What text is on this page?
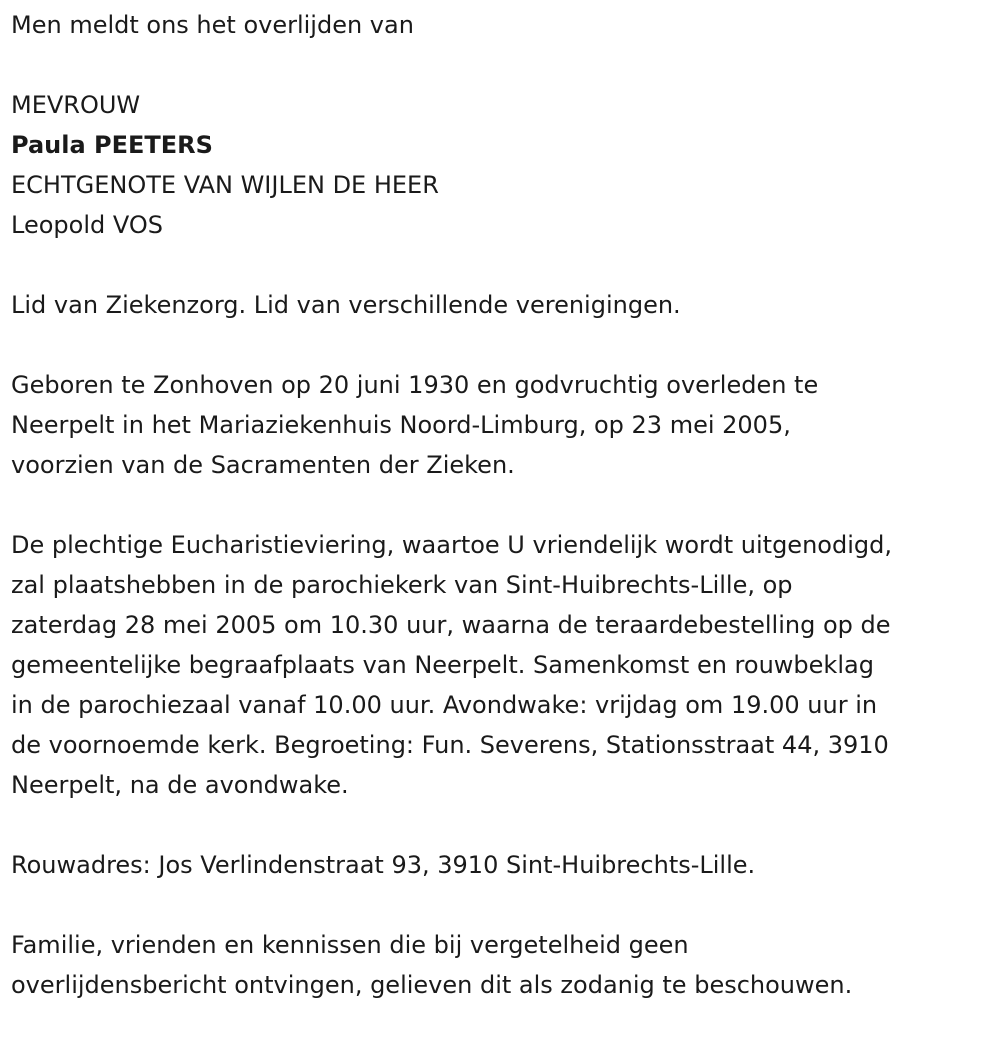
Men meldt ons het overlijden van

MEVROUW

Paula PEETERS

ECHTGENOTE VAN WIJLEN DE HEER

Leopold VOS

Lid van Ziekenzorg. Lid van verschillende verenigingen.

Geboren te Zonhoven op 20 juni 1930 en godvruchtig overleden te

Neerpelt in het Mariaziekenhuis Noord-Limburg, op 23 mei 2005,

voorzien van de Sacramenten der Zieken.

De plechtige Eucharistieviering, waartoe U vriendelijk wordt uitgenodigd,

zal plaatshebben in de parochiekerk van Sint-Huibrechts-Lille, op

zaterdag 28 mei 2005 om 10.30 uur, waarna de teraardebestelling op de

gemeentelijke begraafplaats van Neerpelt. Samenkomst en rouwbeklag

in de parochiezaal vanaf 10.00 uur. Avondwake: vrijdag om 19.00 uur in

de voornoemde kerk. Begroeting: Fun. Severens, Stationsstraat 44, 3910

Neerpelt, na de avondwake.

Rouwadres: Jos Verlindenstraat 93, 3910 Sint-Huibrechts-Lille.

Familie, vrienden en kennissen die bij vergetelheid geen

overlijdensbericht ontvingen, gelieven dit als zodanig te beschouwen.
